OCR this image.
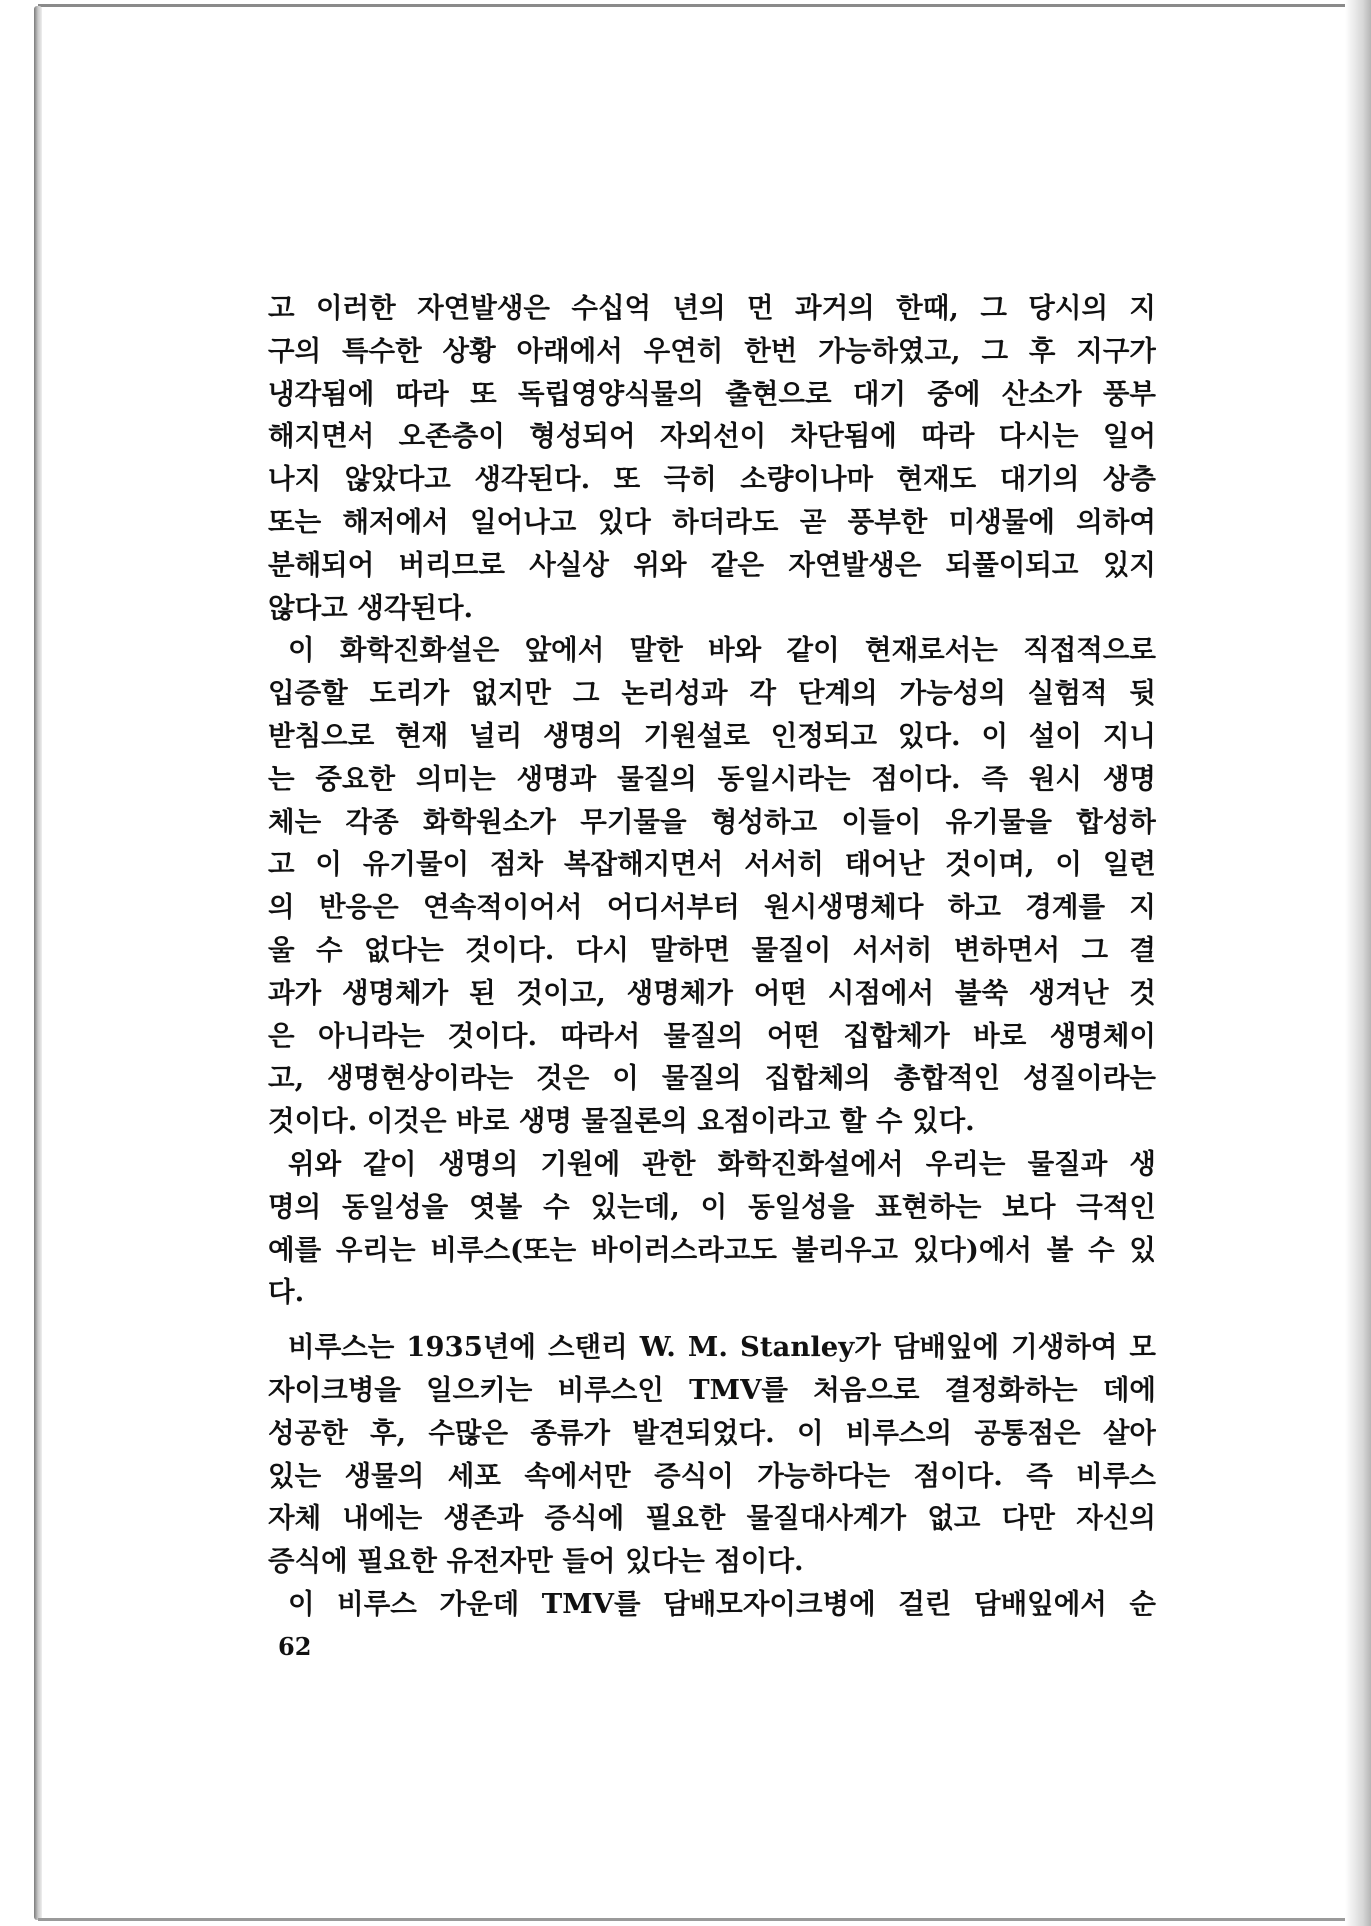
고 이러한 자연발생은 수십억 년의 먼 과거의 한때, 그 당시의 지
구의 특수한 상황 아래에서 우연히 한번 가능하였고, 그 후 지구가
냉각됨에 따라 또 독립영양식물의 출현으로 대기 중에 산소가 풍부
해지면서 오존층이 형성되어 자외선이 차단됨에 따라 다시는 일어
나지 않았다고 생각된다. 또 극히 소량이나마 현재도 대기의 상층
또는 해저에서 일어나고 있다 하더라도 곧 풍부한 미생물에 의하여
분해되어 버리므로 사실상 위와 같은 자연발생은 되풀이되고 있지
않다고 생각된다.
이 화학진화설은 앞에서 말한 바와 같이 현재로서는 직접적으로
입증할 도리가 없지만 그 논리성과 각 단계의 가능성의 실험적 뒷
받침으로 현재 널리 생명의 기원설로 인정되고 있다. 이 설이 지니
는 중요한 의미는 생명과 물질의 동일시라는 점이다. 즉 원시 생명
체는 각종 화학원소가 무기물을 형성하고 이들이 유기물을 합성하
고 이 유기물이 점차 복잡해지면서 서서히 태어난 것이며, 이 일련
의 반응은 연속적이어서 어디서부터 원시생명체다 하고 경계를 지
울 수 없다는 것이다. 다시 말하면 물질이 서서히 변하면서 그 결
과가 생명체가 된 것이고, 생명체가 어떤 시점에서 불쑥 생겨난 것
은 아니라는 것이다. 따라서 물질의 어떤 집합체가 바로 생명체이
고, 생명현상이라는 것은 이 물질의 집합체의 총합적인 성질이라는
것이다. 이것은 바로 생명 물질론의 요점이라고 할 수 있다.
위와 같이 생명의 기원에 관한 화학진화설에서 우리는 물질과 생
명의 동일성을 엿볼 수 있는데, 이 동일성을 표현하는 보다 극적인
예를 우리는 비루스(또는 바이러스라고도 불리우고 있다)에서 볼 수 있
다.
비루스는 1935년에 스탠리 W. M. Stanley가 담배잎에 기생하여 모
자이크병을 일으키는 비루스인 TMV를 처음으로 결정화하는 데에
성공한 후, 수많은 종류가 발견되었다. 이 비루스의 공통점은 살아
있는 생물의 세포 속에서만 증식이 가능하다는 점이다. 즉 비루스
자체 내에는 생존과 증식에 필요한 물질대사계가 없고 다만 자신의
증식에 필요한 유전자만 들어 있다는 점이다.
이 비루스 가운데 TMV를 담배모자이크병에 걸린 담배잎에서 순
62
